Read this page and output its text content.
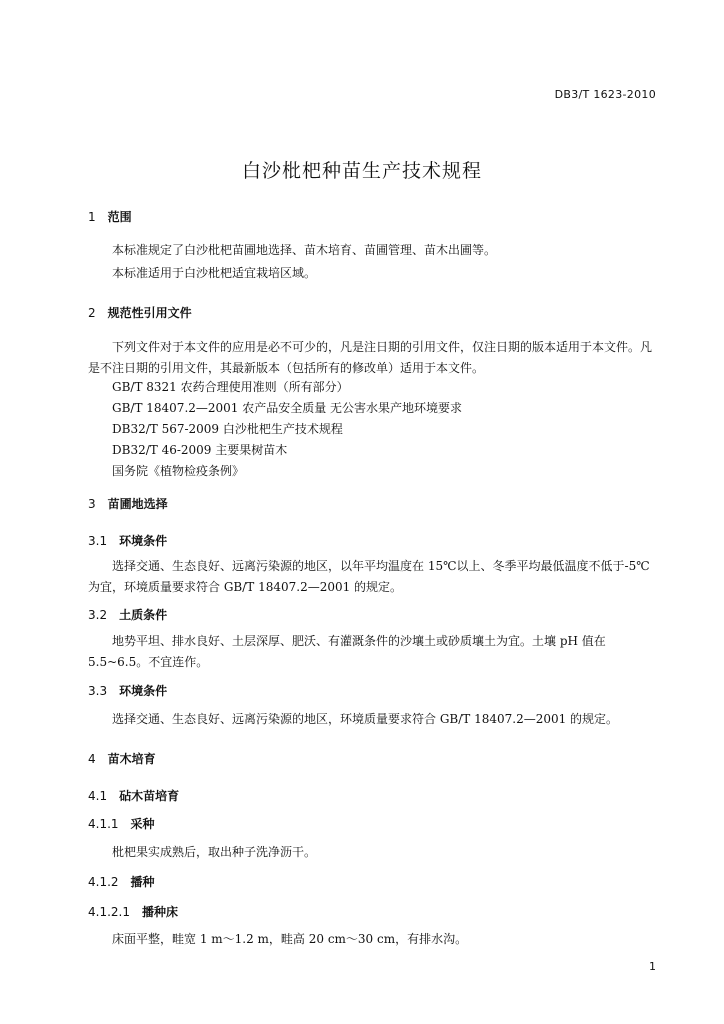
DB3/T 1623-2010
白沙枇杷种苗生产技术规程
1 范围
本标准规定了白沙枇杷苗圃地选择、苗木培育、苗圃管理、苗木出圃等。
本标准适用于白沙枇杷适宜栽培区域。
2 规范性引用文件
下列文件对于本文件的应用是必不可少的，凡是注日期的引用文件，仅注日期的版本适用于本文件。凡是不注日期的引用文件，其最新版本（包括所有的修改单）适用于本文件。
GB/T 8321 农药合理使用准则（所有部分）
GB/T 18407.2—2001 农产品安全质量 无公害水果产地环境要求
DB32/T 567-2009 白沙枇杷生产技术规程
DB32/T 46-2009 主要果树苗木
国务院《植物检疫条例》
3 苗圃地选择
3.1 环境条件
选择交通、生态良好、远离污染源的地区，以年平均温度在 15℃以上、冬季平均最低温度不低于-5℃为宜，环境质量要求符合 GB/T 18407.2—2001 的规定。
3.2 土质条件
地势平坦、排水良好、土层深厚、肥沃、有灌溉条件的沙壤土或砂质壤土为宜。土壤 pH 值在 5.5~6.5。不宜连作。
3.3 环境条件
选择交通、生态良好、远离污染源的地区，环境质量要求符合 GB/T 18407.2—2001 的规定。
4 苗木培育
4.1 砧木苗培育
4.1.1 采种
枇杷果实成熟后，取出种子洗净沥干。
4.1.2 播种
4.1.2.1 播种床
床面平整，畦宽 1 m～1.2 m，畦高 20 cm～30 cm，有排水沟。
1
